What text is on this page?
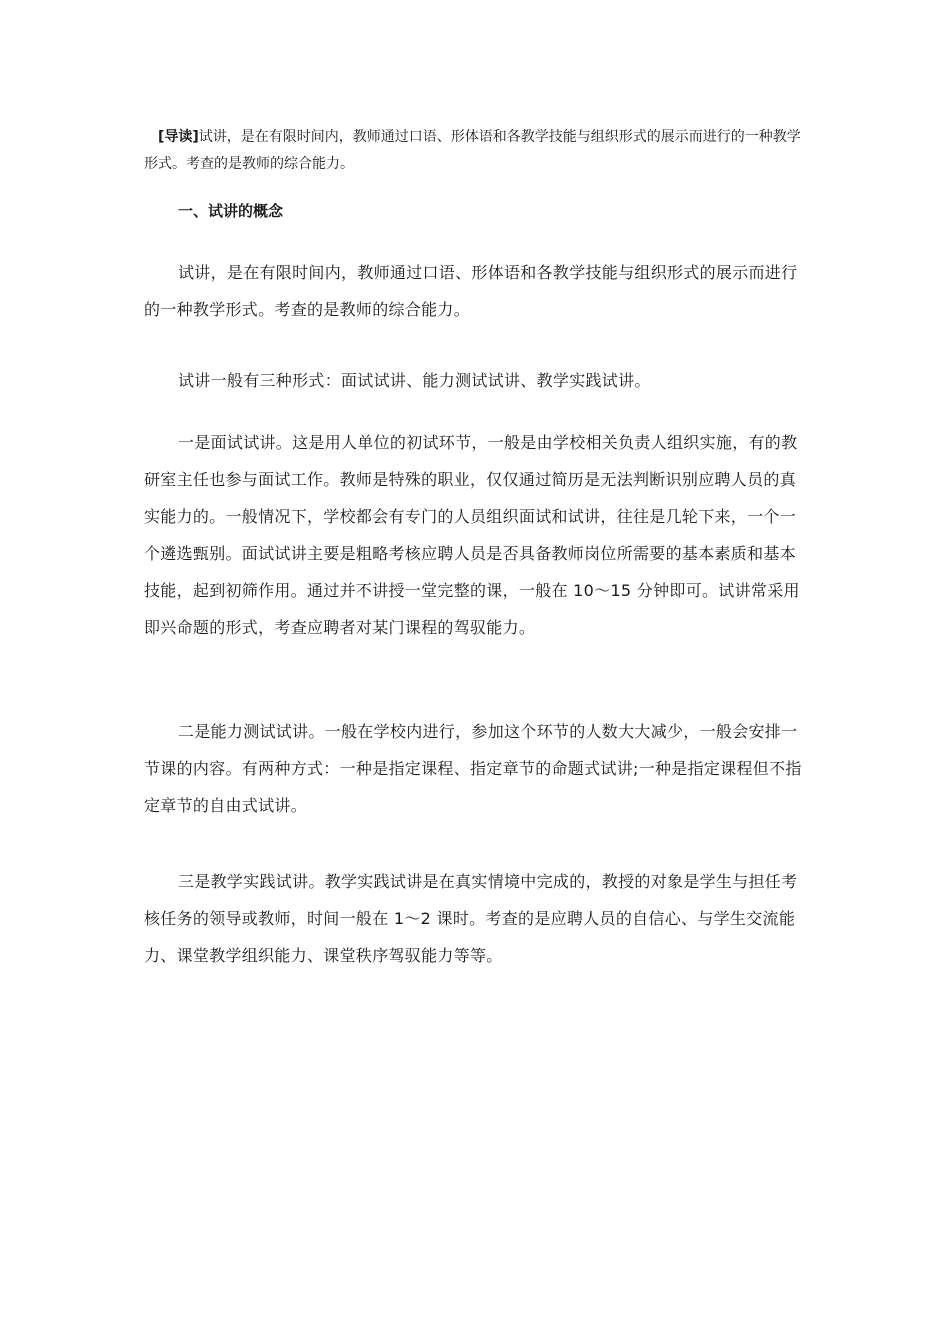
[导读]试讲，是在有限时间内，教师通过口语、形体语和各教学技能与组织形式的展示而进行的一种教学形式。考查的是教师的综合能力。

一、试讲的概念

试讲，是在有限时间内，教师通过口语、形体语和各教学技能与组织形式的展示而进行的一种教学形式。考查的是教师的综合能力。

试讲一般有三种形式：面试试讲、能力测试试讲、教学实践试讲。

一是面试试讲。这是用人单位的初试环节，一般是由学校相关负责人组织实施，有的教研室主任也参与面试工作。教师是特殊的职业，仅仅通过简历是无法判断识别应聘人员的真实能力的。一般情况下，学校都会有专门的人员组织面试和试讲，往往是几轮下来，一个一个遴选甄别。面试试讲主要是粗略考核应聘人员是否具备教师岗位所需要的基本素质和基本技能，起到初筛作用。通过并不讲授一堂完整的课，一般在 10～15 分钟即可。试讲常采用即兴命题的形式，考查应聘者对某门课程的驾驭能力。

二是能力测试试讲。一般在学校内进行，参加这个环节的人数大大减少，一般会安排一节课的内容。有两种方式：一种是指定课程、指定章节的命题式试讲;一种是指定课程但不指定章节的自由式试讲。

三是教学实践试讲。教学实践试讲是在真实情境中完成的，教授的对象是学生与担任考核任务的领导或教师，时间一般在 1～2 课时。考查的是应聘人员的自信心、与学生交流能力、课堂教学组织能力、课堂秩序驾驭能力等等。
